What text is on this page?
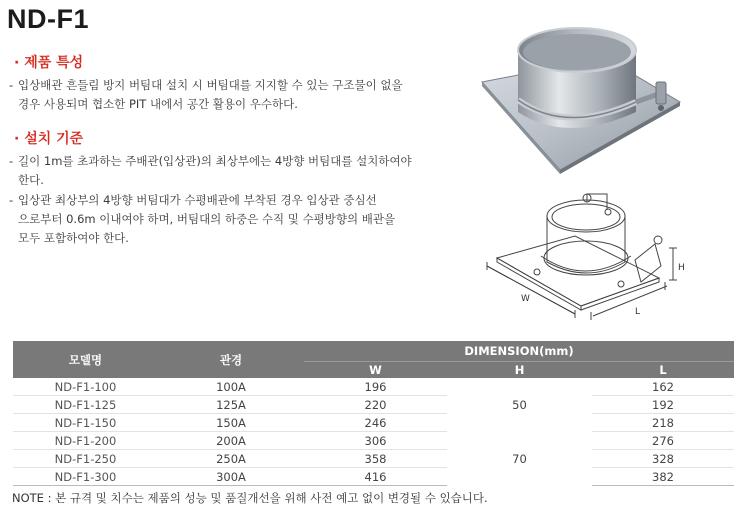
ND-F1
· 제품 특성
- 입상배관 흔들림 방지 버팀대 설치 시 버팀대를 지지할 수 있는 구조물이 없을
경우 사용되며 협소한 PIT 내에서 공간 활용이 우수하다.
· 설치 기준
- 길이 1m를 초과하는 주배관(입상관)의 최상부에는 4방향 버팀대를 설치하여야
한다.
- 입상관 최상부의 4방향 버팀대가 수평배관에 부착된 경우 입상관 중심선
으로부터 0.6m 이내여야 하며, 버팀대의 하중은 수직 및 수평방향의 배관을
모두 포함하여야 한다.
W
L
H
모델명	관경	DIMENSION(mm)		
		W	H	L
ND-F1-100	100A	196	50	162
ND-F1-125	125A	220		192
ND-F1-150	150A	246		218
ND-F1-200	200A	306	70	276
ND-F1-250	250A	358		328
ND-F1-300	300A	416		382
NOTE : 본 규격 및 치수는 제품의 성능 및 품질개선을 위해 사전 예고 없이 변경될 수 있습니다.
